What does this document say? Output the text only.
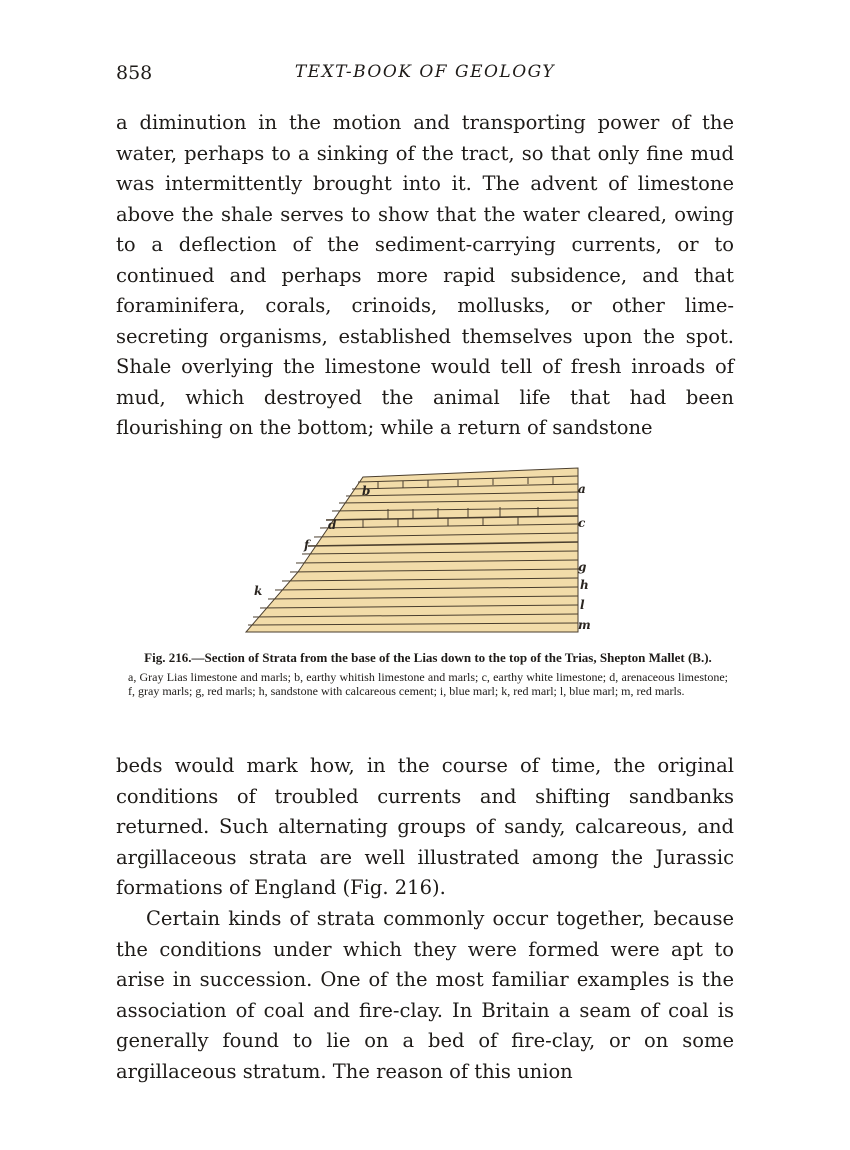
858	TEXT-BOOK OF GEOLOGY

a diminution in the motion and transporting power of the water, perhaps to a sinking of the tract, so that only fine mud was intermittently brought into it. The advent of limestone above the shale serves to show that the water cleared, owing to a deflection of the sediment-carrying currents, or to continued and perhaps more rapid subsidence, and that foraminifera, corals, crinoids, mollusks, or other lime-secreting organisms, established themselves upon the spot. Shale overlying the limestone would tell of fresh inroads of mud, which destroyed the animal life that had been flourishing on the bottom; while a return of sandstone

a
c
g
h
l
m
b
d
f
k

Fig. 216.—Section of Strata from the base of the Lias down to the top of the Trias, Shepton Mallet (B.).

a, Gray Lias limestone and marls; b, earthy whitish limestone and marls; c, earthy white limestone; d, arenaceous limestone; f, gray marls; g, red marls; h, sandstone with calcareous cement; i, blue marl; k, red marl; l, blue marl; m, red marls.

beds would mark how, in the course of time, the original conditions of troubled currents and shifting sandbanks returned. Such alternating groups of sandy, calcareous, and argillaceous strata are well illustrated among the Jurassic formations of England (Fig. 216).

Certain kinds of strata commonly occur together, because the conditions under which they were formed were apt to arise in succession. One of the most familiar examples is the association of coal and fire-clay. In Britain a seam of coal is generally found to lie on a bed of fire-clay, or on some argillaceous stratum. The reason of this union
